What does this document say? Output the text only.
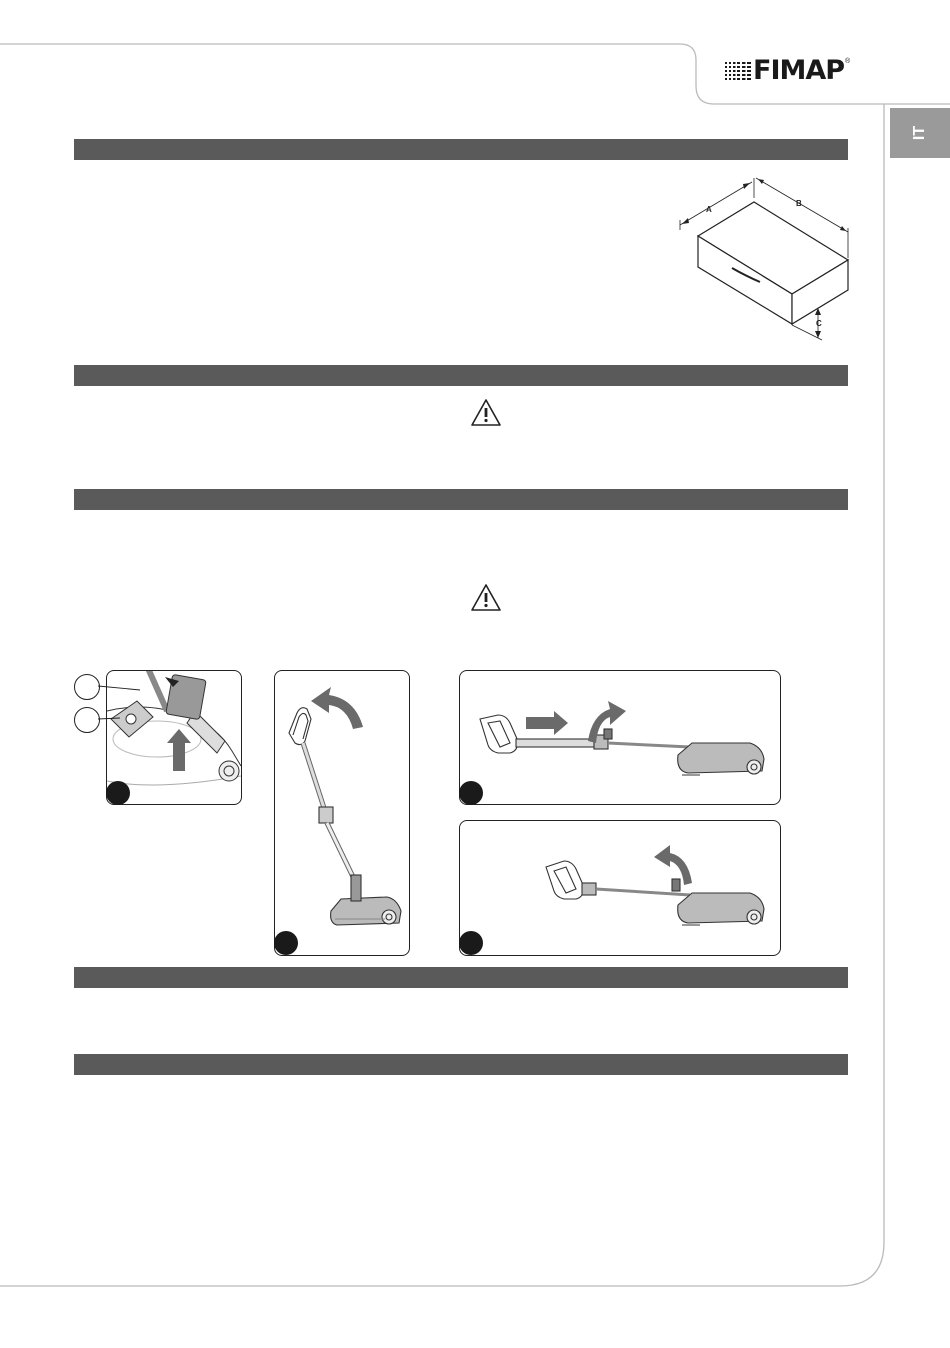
FIMAP ®
IT
A
B
C
